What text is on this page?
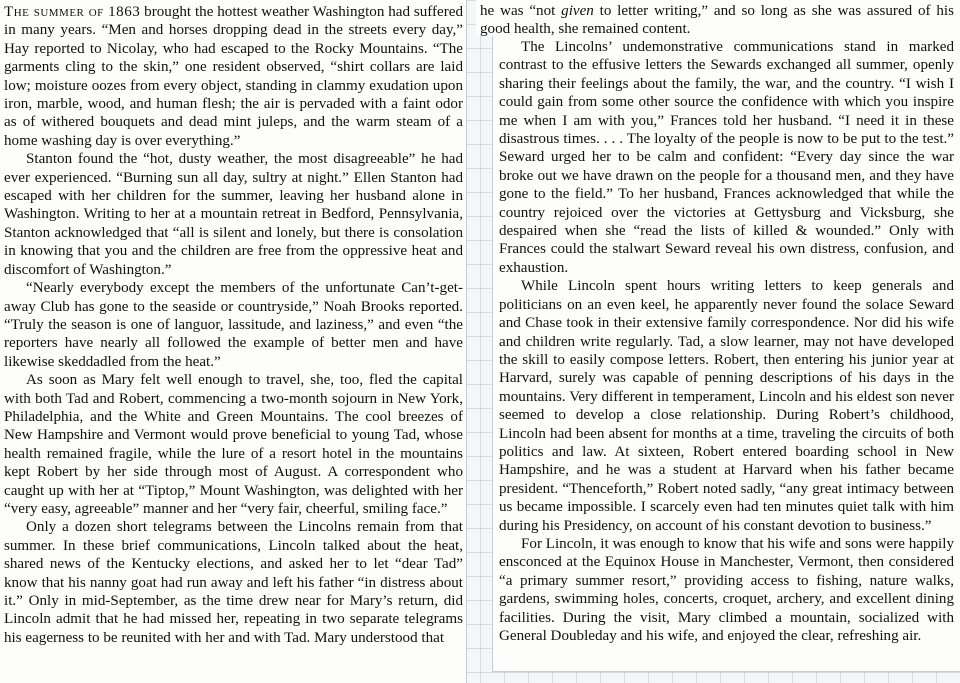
The summer of 1863 brought the hottest weather Washington had suffered in many years. “Men and horses dropping dead in the streets every day,” Hay reported to Nicolay, who had escaped to the Rocky Mountains. “The garments cling to the skin,” one resident observed, “shirt collars are laid low; moisture oozes from every object, standing in clammy exudation upon iron, marble, wood, and human flesh; the air is pervaded with a faint odor as of withered bouquets and dead mint juleps, and the warm steam of a home washing day is over everything.”

Stanton found the “hot, dusty weather, the most disagreeable” he had ever experienced. “Burning sun all day, sultry at night.” Ellen Stanton had escaped with her children for the summer, leaving her husband alone in Washington. Writing to her at a mountain retreat in Bedford, Pennsylvania, Stanton acknowledged that “all is silent and lonely, but there is consolation in knowing that you and the children are free from the oppressive heat and discomfort of Washington.”

“Nearly everybody except the members of the unfortunate Can’t-get-away Club has gone to the seaside or countryside,” Noah Brooks reported. “Truly the season is one of languor, lassitude, and laziness,” and even “the reporters have nearly all followed the example of better men and have likewise skeddadled from the heat.”

As soon as Mary felt well enough to travel, she, too, fled the capital with both Tad and Robert, commencing a two-month sojourn in New York, Philadelphia, and the White and Green Mountains. The cool breezes of New Hampshire and Vermont would prove beneficial to young Tad, whose health remained fragile, while the lure of a resort hotel in the mountains kept Robert by her side through most of August. A correspondent who caught up with her at “Tiptop,” Mount Washington, was delighted with her “very easy, agreeable” manner and her “very fair, cheerful, smiling face.”

Only a dozen short telegrams between the Lincolns remain from that summer. In these brief communications, Lincoln talked about the heat, shared news of the Kentucky elections, and asked her to let “dear Tad” know that his nanny goat had run away and left his father “in distress about it.” Only in mid-September, as the time drew near for Mary’s return, did Lincoln admit that he had missed her, repeating in two separate telegrams his eagerness to be reunited with her and with Tad. Mary understood that

he was “not given to letter writing,” and so long as she was assured of his good health, she remained content.

The Lincolns’ undemonstrative communications stand in marked contrast to the effusive letters the Sewards exchanged all summer, openly sharing their feelings about the family, the war, and the country. “I wish I could gain from some other source the confidence with which you inspire me when I am with you,” Frances told her husband. “I need it in these disastrous times. . . . The loyalty of the people is now to be put to the test.” Seward urged her to be calm and confident: “Every day since the war broke out we have drawn on the people for a thousand men, and they have gone to the field.” To her husband, Frances acknowledged that while the country rejoiced over the victories at Gettysburg and Vicksburg, she despaired when she “read the lists of killed & wounded.” Only with Frances could the stalwart Seward reveal his own distress, confusion, and exhaustion.

While Lincoln spent hours writing letters to keep generals and politicians on an even keel, he apparently never found the solace Seward and Chase took in their extensive family correspondence. Nor did his wife and children write regularly. Tad, a slow learner, may not have developed the skill to easily compose letters. Robert, then entering his junior year at Harvard, surely was capable of penning descriptions of his days in the mountains. Very different in temperament, Lincoln and his eldest son never seemed to develop a close relationship. During Robert’s childhood, Lincoln had been absent for months at a time, traveling the circuits of both politics and law. At sixteen, Robert entered boarding school in New Hampshire, and he was a student at Harvard when his father became president. “Thenceforth,” Robert noted sadly, “any great intimacy between us became impossible. I scarcely even had ten minutes quiet talk with him during his Presidency, on account of his constant devotion to business.”

For Lincoln, it was enough to know that his wife and sons were happily ensconced at the Equinox House in Manchester, Vermont, then considered “a primary summer resort,” providing access to fishing, nature walks, gardens, swimming holes, concerts, croquet, archery, and excellent dining facilities. During the visit, Mary climbed a mountain, socialized with General Doubleday and his wife, and enjoyed the clear, refreshing air.
